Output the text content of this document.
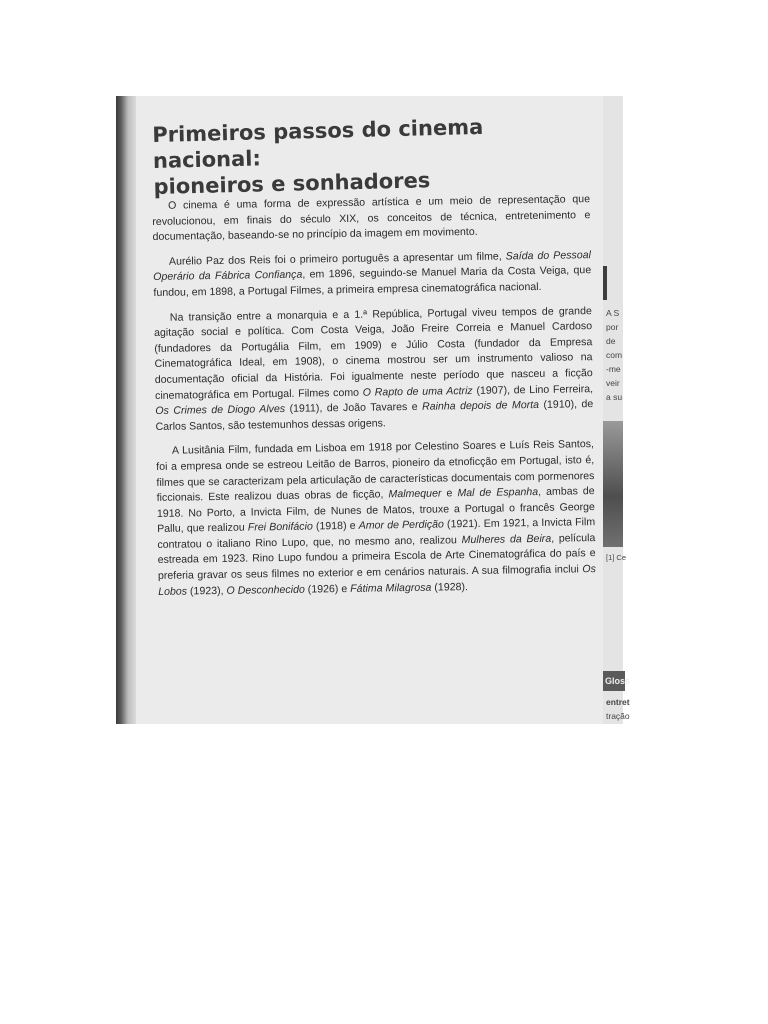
Primeiros passos do cinema nacional:
pioneiros e sonhadores

O cinema é uma forma de expressão artística e um meio de representação que revolucionou, em finais do século XIX, os conceitos de técnica, entretenimento e documentação, baseando-se no princípio da imagem em movimento.

Aurélio Paz dos Reis foi o primeiro português a apresentar um filme, Saída do Pessoal Operário da Fábrica Confiança, em 1896, seguindo-se Manuel Maria da Costa Veiga, que fundou, em 1898, a Portugal Filmes, a primeira empresa cinematográfica nacional.

Na transição entre a monarquia e a 1.ª República, Portugal viveu tempos de grande agitação social e política. Com Costa Veiga, João Freire Correia e Manuel Cardoso (fundadores da Portugália Film, em 1909) e Júlio Costa (fundador da Empresa Cinematográfica Ideal, em 1908), o cinema mostrou ser um instrumento valioso na documentação oficial da História. Foi igualmente neste período que nasceu a ficção cinematográfica em Portugal. Filmes como O Rapto de uma Actriz (1907), de Lino Ferreira, Os Crimes de Diogo Alves (1911), de João Tavares e Rainha depois de Morta (1910), de Carlos Santos, são testemunhos dessas origens.

A Lusitânia Film, fundada em Lisboa em 1918 por Celestino Soares e Luís Reis Santos, foi a empresa onde se estreou Leitão de Barros, pioneiro da etnoficção em Portugal, isto é, filmes que se caracterizam pela articulação de características documentais com pormenores ficcionais. Este realizou duas obras de ficção, Malmequer e Mal de Espanha, ambas de 1918. No Porto, a Invicta Film, de Nunes de Matos, trouxe a Portugal o francês George Pallu, que realizou Frei Bonifácio (1918) e Amor de Perdição (1921). Em 1921, a Invicta Film contratou o italiano Rino Lupo, que, no mesmo ano, realizou Mulheres da Beira, película estreada em 1923. Rino Lupo fundou a primeira Escola de Arte Cinematográfica do país e preferia gravar os seus filmes no exterior e em cenários naturais. A sua filmografia inclui Os Lobos (1923), O Desconhecido (1926) e Fátima Milagrosa (1928).

A S
por
de
com
-me
veir
a su
[1] Ce
Gloss
entret
tração
